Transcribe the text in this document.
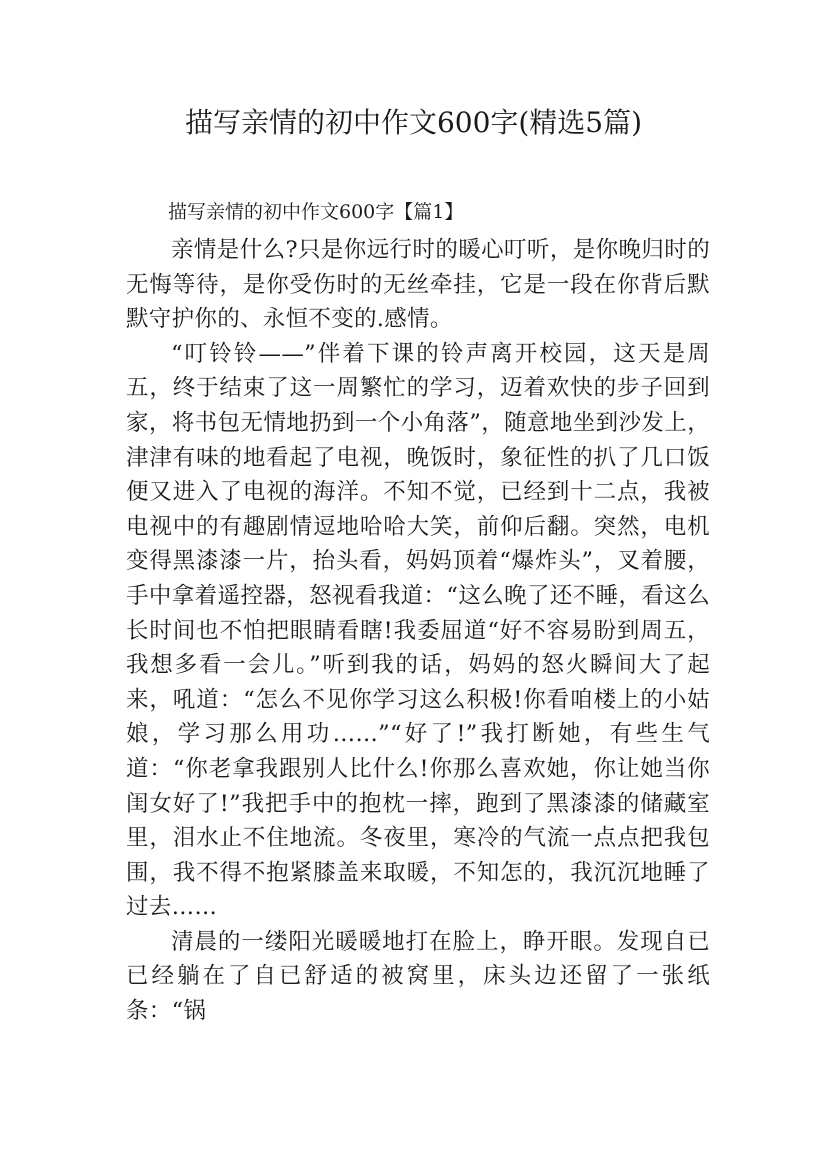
描写亲情的初中作文600字(精选5篇)
描写亲情的初中作文600字【篇1】

亲情是什么?只是你远行时的暖心叮听，是你晚归时的无悔等待，是你受伤时的无丝牵挂，它是一段在你背后默默守护你的、永恒不变的.感情。

“叮铃铃——”伴着下课的铃声离开校园，这天是周五，终于结束了这一周繁忙的学习，迈着欢快的步子回到家，将书包无情地扔到一个小角落”，随意地坐到沙发上，津津有味的地看起了电视，晚饭时，象征性的扒了几口饭便又进入了电视的海洋。不知不觉，已经到十二点，我被电视中的有趣剧情逗地哈哈大笑，前仰后翻。突然，电机变得黑漆漆一片，抬头看，妈妈顶着“爆炸头”，叉着腰，手中拿着遥控器，怒视看我道：“这么晚了还不睡，看这么长时间也不怕把眼睛看瞎!我委屈道“好不容易盼到周五，我想多看一会儿。”听到我的话，妈妈的怒火瞬间大了起来，吼道：“怎么不见你学习这么积极!你看咱楼上的小姑娘，学习那么用功……”“好了!”我打断她，有些生气道：“你老拿我跟别人比什么!你那么喜欢她，你让她当你闺女好了!”我把手中的抱枕一摔，跑到了黑漆漆的储藏室里，泪水止不住地流。冬夜里，寒冷的气流一点点把我包围，我不得不抱紧膝盖来取暖，不知怎的，我沉沉地睡了过去……

清晨的一缕阳光暖暖地打在脸上，睁开眼。发现自已已经躺在了自已舒适的被窝里，床头边还留了一张纸条：“锅
